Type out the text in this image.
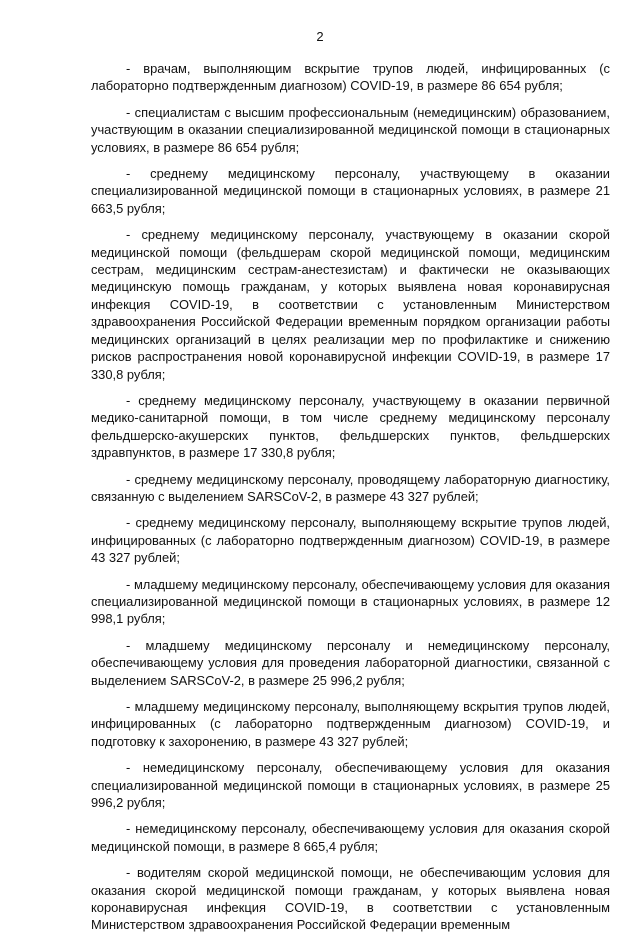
2

- врачам, выполняющим вскрытие трупов людей, инфицированных (с лабораторно подтвержденным диагнозом) COVID-19, в размере 86 654 рубля;

- специалистам с высшим профессиональным (немедицинским) образованием, участвующим в оказании специализированной медицинской помощи в стационарных условиях, в размере 86 654 рубля;

- среднему медицинскому персоналу, участвующему в оказании специализированной медицинской помощи в стационарных условиях, в размере 21 663,5 рубля;

- среднему медицинскому персоналу, участвующему в оказании скорой медицинской помощи (фельдшерам скорой медицинской помощи, медицинским сестрам, медицинским сестрам-анестезистам) и фактически не оказывающих медицинскую помощь гражданам, у которых выявлена новая коронавирусная инфекция COVID-19, в соответствии с установленным Министерством здравоохранения Российской Федерации временным порядком организации работы медицинских организаций в целях реализации мер по профилактике и снижению рисков распространения новой коронавирусной инфекции COVID-19, в размере 17 330,8 рубля;

- среднему медицинскому персоналу, участвующему в оказании первичной медико-санитарной помощи, в том числе среднему медицинскому персоналу фельдшерско-акушерских пунктов, фельдшерских пунктов, фельдшерских здравпунктов, в размере 17 330,8 рубля;

- среднему медицинскому персоналу, проводящему лабораторную диагностику, связанную с выделением SARSCoV-2, в размере 43 327 рублей;

- среднему медицинскому персоналу, выполняющему вскрытие трупов людей, инфицированных (с лабораторно подтвержденным диагнозом) COVID-19, в размере 43 327 рублей;

- младшему медицинскому персоналу, обеспечивающему условия для оказания специализированной медицинской помощи в стационарных условиях, в размере 12 998,1 рубля;

- младшему медицинскому персоналу и немедицинскому персоналу, обеспечивающему условия для проведения лабораторной диагностики, связанной с выделением SARSCoV-2, в размере 25 996,2 рубля;

- младшему медицинскому персоналу, выполняющему вскрытия трупов людей, инфицированных (с лабораторно подтвержденным диагнозом) COVID-19, и подготовку к захоронению, в размере 43 327 рублей;

- немедицинскому персоналу, обеспечивающему условия для оказания специализированной медицинской помощи в стационарных условиях, в размере 25 996,2 рубля;

- немедицинскому персоналу, обеспечивающему условия для оказания скорой медицинской помощи, в размере 8 665,4 рубля;

- водителям скорой медицинской помощи, не обеспечивающим условия для оказания скорой медицинской помощи гражданам, у которых выявлена новая коронавирусная инфекция COVID-19, в соответствии с установленным Министерством здравоохранения Российской Федерации временным
